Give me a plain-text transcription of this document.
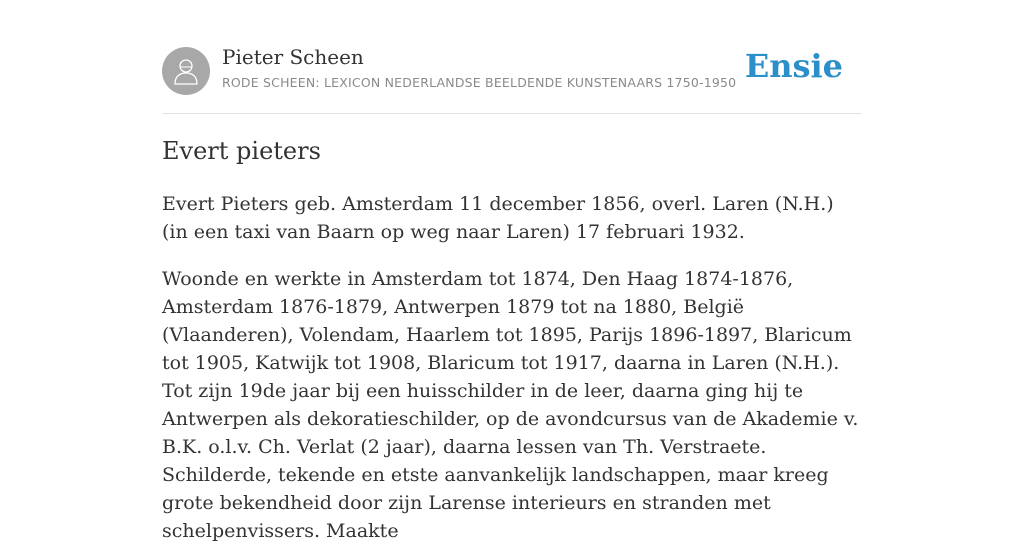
Pieter Scheen
RODE SCHEEN: LEXICON NEDERLANDSE BEELDENDE KUNSTENAARS 1750-1950 Ensie
Evert pieters

Evert Pieters geb. Amsterdam 11 december 1856, overl. Laren (N.H.) (in een taxi van Baarn op weg naar Laren) 17 februari 1932.

Woonde en werkte in Amsterdam tot 1874, Den Haag 1874-1876, Amsterdam 1876-1879, Antwerpen 1879 tot na 1880, België (Vlaanderen), Volendam, Haarlem tot 1895, Parijs 1896-1897, Blaricum tot 1905, Katwijk tot 1908, Blaricum tot 1917, daarna in Laren (N.H.). Tot zijn 19de jaar bij een huisschilder in de leer, daarna ging hij te Antwerpen als dekoratieschilder, op de avondcursus van de Akademie v. B.K. o.l.v. Ch. Verlat (2 jaar), daarna lessen van Th. Verstraete.

Schilderde, tekende en etste aanvankelijk landschappen, maar kreeg grote bekendheid door zijn Larense interieurs en stranden met schelpenvissers. Maakte
